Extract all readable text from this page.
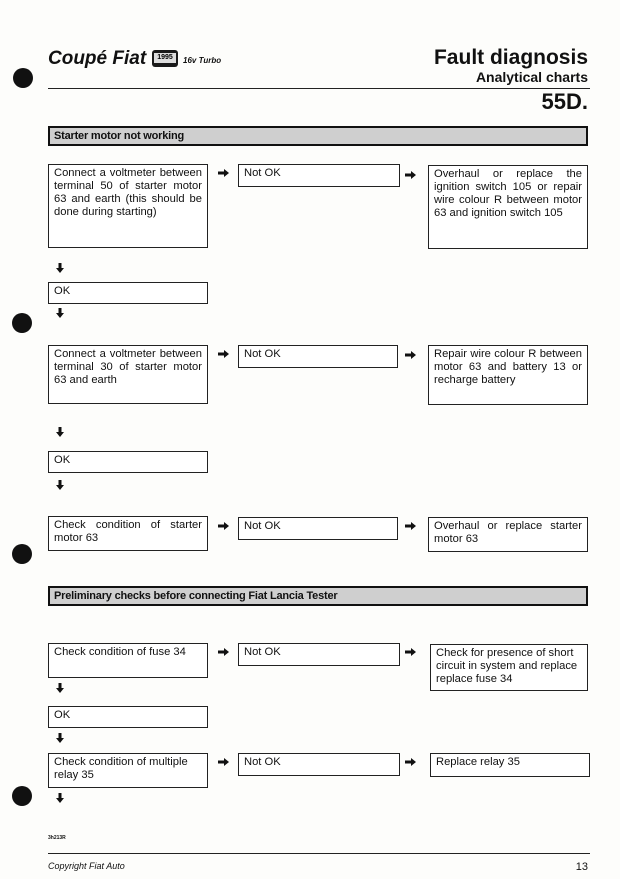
Coupé Fiat	1995	16v Turbo	Fault diagnosis
Analytical charts
55D.
Starter motor not working
Connect a voltmeter between terminal 50 of starter motor 63 and earth (this should be done during starting)
Not OK	Overhaul or replace the ignition switch 105 or repair wire colour R between motor 63 and ignition switch 105
OK
Connect a voltmeter between terminal 30 of starter motor 63 and earth
Not OK	Repair wire colour R between motor 63 and battery 13 or recharge battery
OK
Check condition of starter motor 63
Not OK	Overhaul or replace starter motor 63
Preliminary checks before connecting Fiat Lancia Tester
Check condition of fuse 34	Not OK	Check for presence of short circuit in system and replace replace fuse 34
OK
Check condition of multiple relay 35
Not OK	Replace relay 35
3h213R
Copyright Fiat Auto	13
